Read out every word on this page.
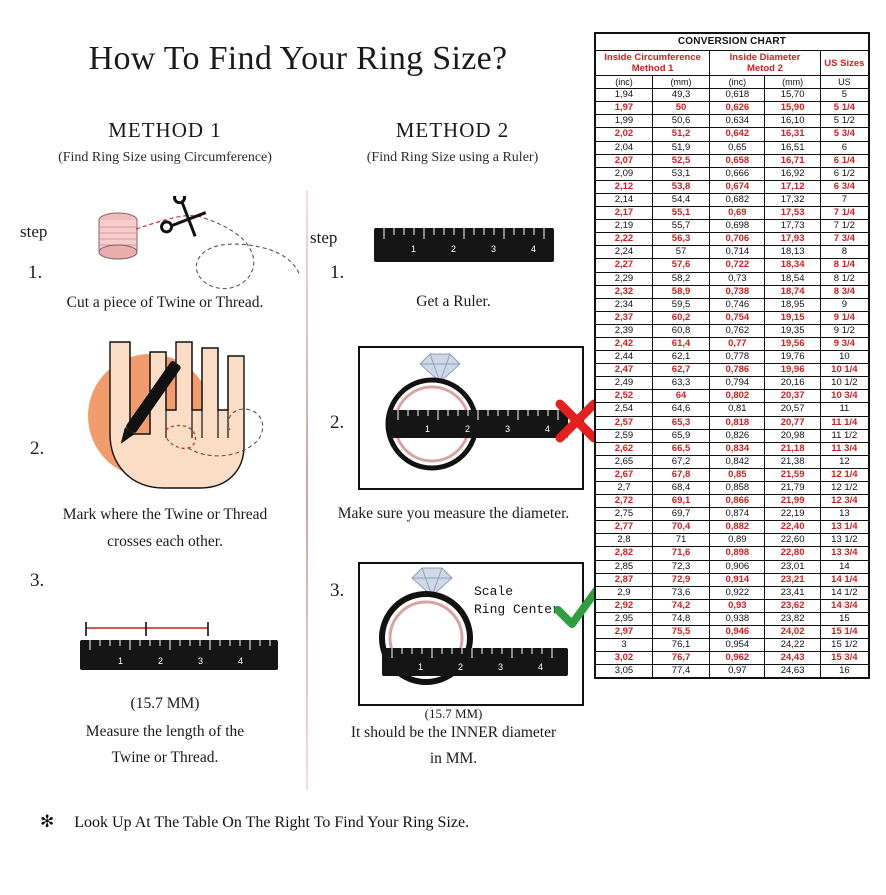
How To Find Your Ring Size?
METHOD 1
(Find Ring Size using Circumference)
METHOD 2
(Find Ring Size using a Ruler)
step
1.
Cut a piece of Twine or Thread.
2.
Mark where the Twine or Thread
crosses each other.
3.
1	2	3	4
(15.7 MM)
Measure the length of the
Twine or Thread.
step
1.
1	2	3	4
Get a Ruler.
2.	1	2	3	4
Make sure you measure the diameter.
3.
1	2	3	4
Scale
Ring Center
(15.7 MM)
It should be the INNER diameter
in MM.
✻ Look Up At The Table On The Right To Find Your Ring Size.
CONVERSION CHART				
Inside Circumference
Method 1		Inside Diameter
Metod 2		US Sizes
(inc)	(mm)	(inc)	(mm)	US
1,94	49,3	0,618	15,70	5
1,97	50	0,626	15,90	5 1/4
1,99	50,6	0,634	16,10	5 1/2
2,02	51,2	0,642	16,31	5 3/4
2,04	51,9	0,65	16,51	6
2,07	52,5	0,658	16,71	6 1/4
2,09	53,1	0,666	16,92	6 1/2
2,12	53,8	0,674	17,12	6 3/4
2,14	54,4	0,682	17,32	7
2,17	55,1	0,69	17,53	7 1/4
2,19	55,7	0,698	17,73	7 1/2
2,22	56,3	0,706	17,93	7 3/4
2,24	57	0,714	18,13	8
2,27	57,6	0,722	18,34	8 1/4
2,29	58,2	0,73	18,54	8 1/2
2,32	58,9	0,738	18,74	8 3/4
2,34	59,5	0,746	18,95	9
2,37	60,2	0,754	19,15	9 1/4
2,39	60,8	0,762	19,35	9 1/2
2,42	61,4	0,77	19,56	9 3/4
2,44	62,1	0,778	19,76	10
2,47	62,7	0,786	19,96	10 1/4
2,49	63,3	0,794	20,16	10 1/2
2,52	64	0,802	20,37	10 3/4
2,54	64,6	0,81	20,57	11
2,57	65,3	0,818	20,77	11 1/4
2,59	65,9	0,826	20,98	11 1/2
2,62	66,5	0,834	21,18	11 3/4
2,65	67,2	0,842	21,38	12
2,67	67,8	0,85	21,59	12 1/4
2,7	68,4	0,858	21,79	12 1/2
2,72	69,1	0,866	21,99	12 3/4
2,75	69,7	0,874	22,19	13
2,77	70,4	0,882	22,40	13 1/4
2,8	71	0,89	22,60	13 1/2
2,82	71,6	0,898	22,80	13 3/4
2,85	72,3	0,906	23,01	14
2,87	72,9	0,914	23,21	14 1/4
2,9	73,6	0,922	23,41	14 1/2
2,92	74,2	0,93	23,62	14 3/4
2,95	74,8	0,938	23,82	15
2,97	75,5	0,946	24,02	15 1/4
3	76,1	0,954	24,22	15 1/2
3,02	76,7	0,962	24,43	15 3/4
3,05	77,4	0,97	24,63	16
